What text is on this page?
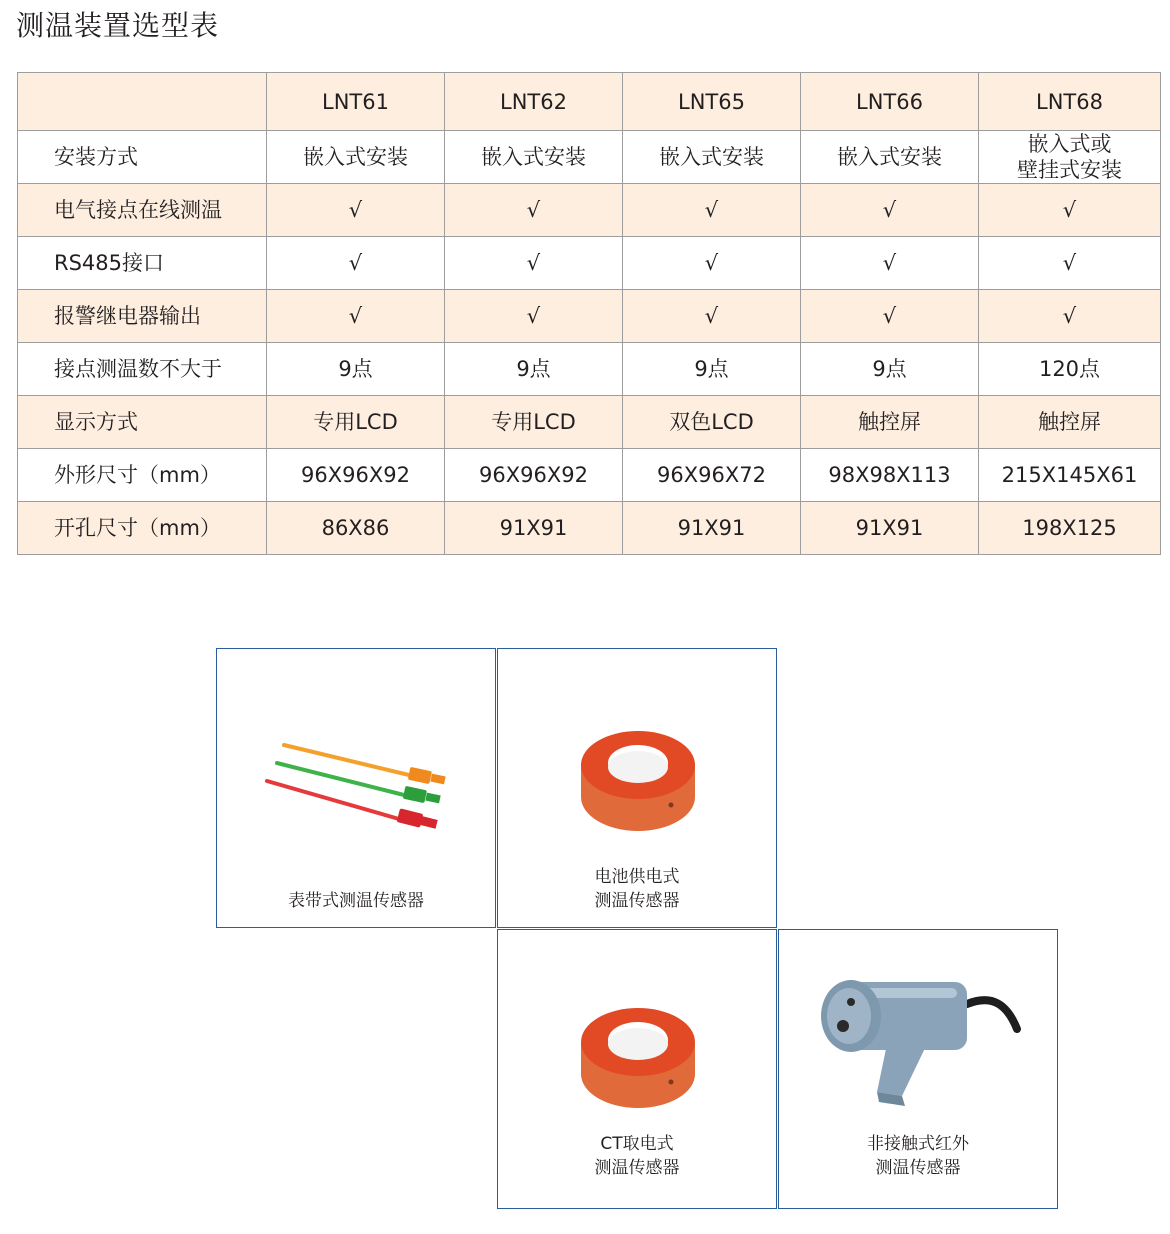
测温装置选型表
	LNT61	LNT62	LNT65	LNT66	LNT68
安装方式	嵌入式安装	嵌入式安装	嵌入式安装	嵌入式安装	嵌入式或
壁挂式安装
电气接点在线测温	√	√	√	√	√
RS485接口	√	√	√	√	√
报警继电器输出	√	√	√	√	√
接点测温数不大于	9点	9点	9点	9点	120点
显示方式	专用LCD	专用LCD	双色LCD	触控屏	触控屏
外形尺寸（mm）	96X96X92	96X96X92	96X96X72	98X98X113	215X145X61
开孔尺寸（mm）	86X86	91X91	91X91	91X91	198X125
表带式测温传感器
电池供电式
测温传感器
CT取电式
测温传感器
非接触式红外
测温传感器
